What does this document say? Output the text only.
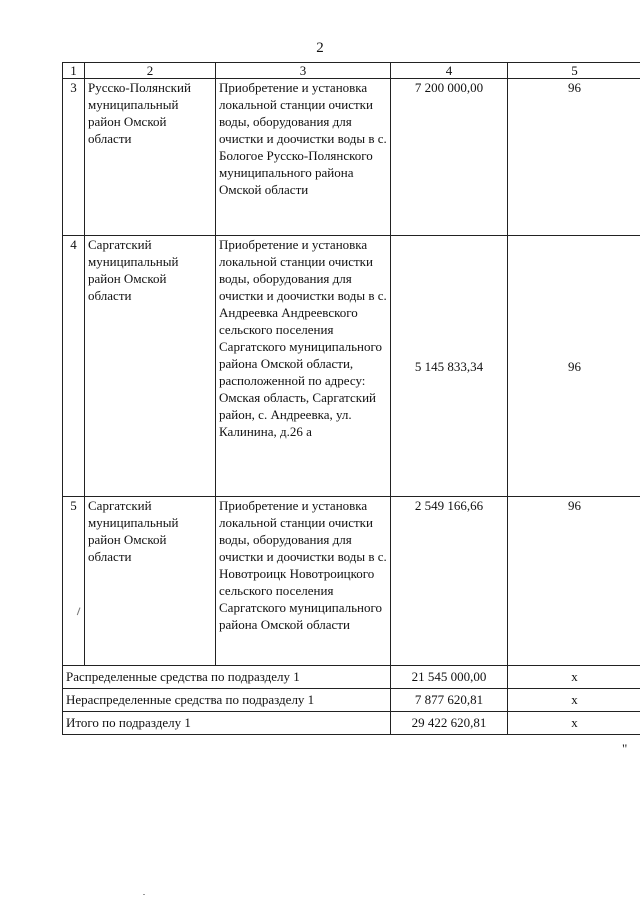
2
1	2	3	4	5
3	Русско-Полянский муниципальный район Омской области	Приобретение и установка локальной станции очистки воды, оборудования для очистки и доочистки воды в с. Бологое Русско-Полянского муниципального района Омской области	7 200 000,00	96
4	Саргатский муниципальный район Омской области	Приобретение и установка локальной станции очистки воды, оборудования для очистки и доочистки воды в с. Андреевка Андреевского сельского поселения Саргатского муниципального района Омской области, расположенной по адресу: Омская область, Саргатский район, с. Андреевка, ул. Калинина, д.26 а	5 145 833,34	96
5	Саргатский муниципальный район Омской области	Приобретение и установка локальной станции очистки воды, оборудования для очистки и доочистки воды в с. Новотроицк Новотроицкого сельского поселения Саргатского муниципального района Омской области	2 549 166,66	96
Распределенные средства по подразделу 1			21 545 000,00	х
Нераспределенные средства по подразделу 1			7 877 620,81	х
Итого по подразделу 1			29 422 620,81	х
"
